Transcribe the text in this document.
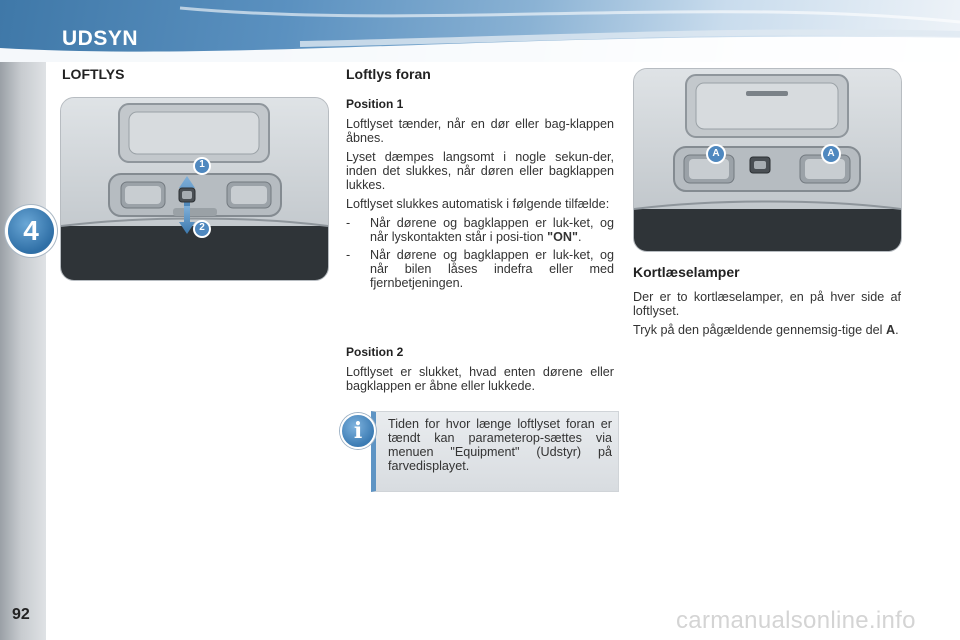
UDSYN
4
92
LOFTLYS	Loftlys foran
Kortlæselamper
1
2
Position 1

Loftlyset tænder, når en dør eller bag-klappen åbnes.

Lyset dæmpes langsomt i nogle sekun-der, inden det slukkes, når døren eller bagklappen lukkes.

Loftlyset slukkes automatisk i følgende tilfælde:

-	Når dørene og bagklappen er luk-ket, og når lyskontakten står i posi-tion "ON".
-	Når dørene og bagklappen er luk-ket, og når bilen låses indefra eller med fjernbetjeningen.
Position 2

Loftlyset er slukket, hvad enten dørene eller bagklappen er åbne eller lukkede.

Tiden for hvor længe loftlyset foran er tændt kan parameterop-sættes via menuen "Equipment" (Udstyr) på farvedisplayet.
i
A	A

Der er to kortlæselamper, en på hver side af loftlyset.

Tryk på den pågældende gennemsig-tige del A.

carmanualsonline.info
